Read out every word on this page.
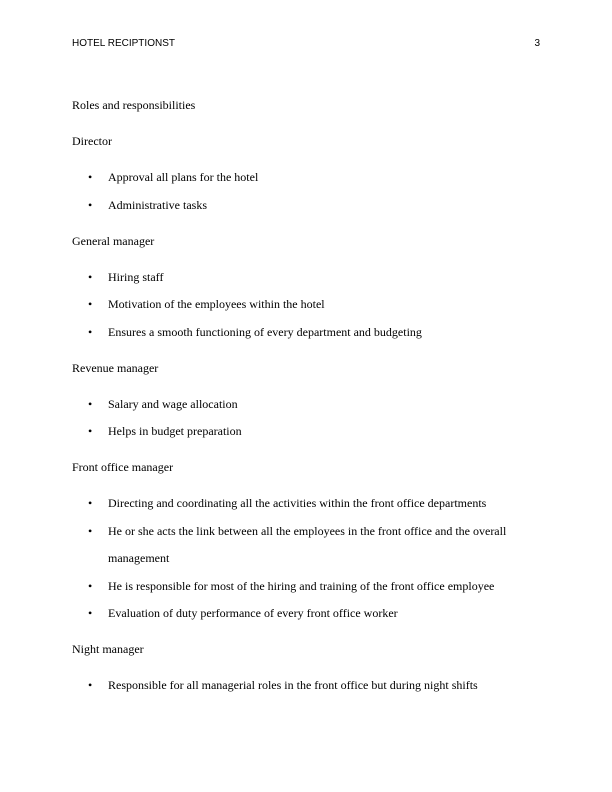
HOTEL RECIPTIONST	3

Roles and responsibilities

Director

• Approval all plans for the hotel
• Administrative tasks

General manager

• Hiring staff
• Motivation of the employees within the hotel
• Ensures a smooth functioning of every department and budgeting

Revenue manager

• Salary and wage allocation
• Helps in budget preparation

Front office manager

• Directing and coordinating all the activities within the front office departments
• He or she acts the link between all the employees in the front office and the overall management
• He is responsible for most of the hiring and training of the front office employee
• Evaluation of duty performance of every front office worker

Night manager

• Responsible for all managerial roles in the front office but during night shifts
